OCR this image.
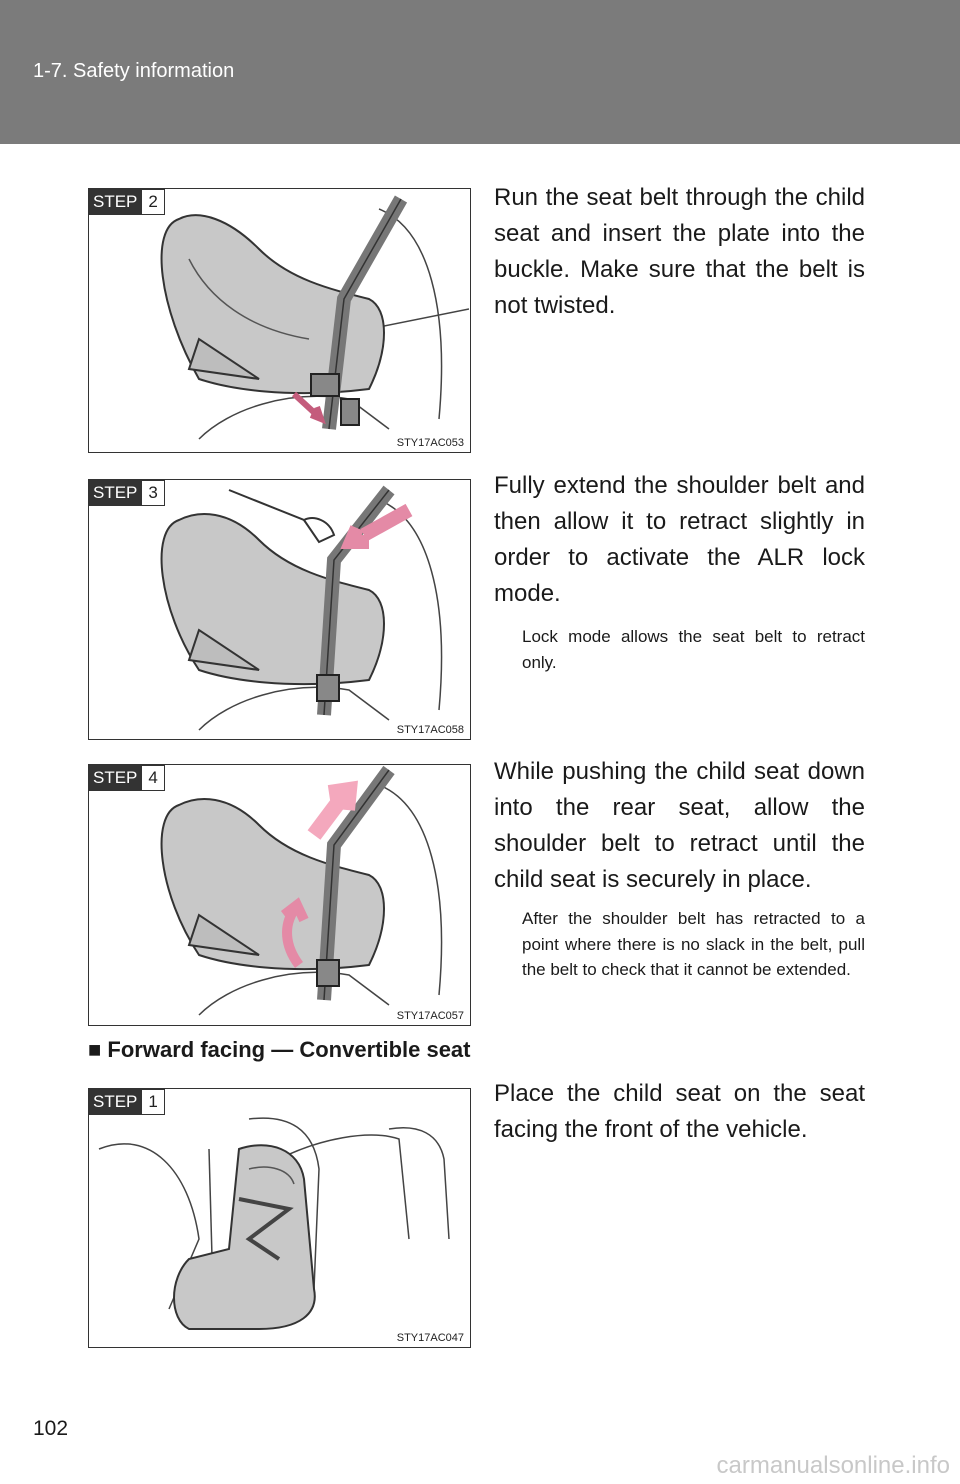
1-7. Safety information
STEP 2
STY17AC053
Run the seat belt through the child seat and insert the plate into the buckle. Make sure that the belt is not twisted.
STEP 3
STY17AC058
Fully extend the shoulder belt and then allow it to retract slightly in order to activate the ALR lock mode.
Lock mode allows the seat belt to retract only.
STEP 4
STY17AC057
While pushing the child seat down into the rear seat, allow the shoulder belt to retract until the child seat is securely in place.
After the shoulder belt has retracted to a point where there is no slack in the belt, pull the belt to check that it cannot be extended.
■ Forward facing — Convertible seat
STEP 1
STY17AC047
Place the child seat on the seat facing the front of the vehicle.
102
carmanualsonline.info
